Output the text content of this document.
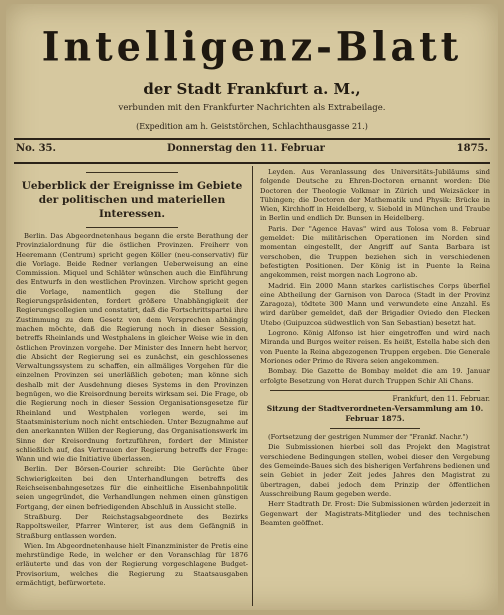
Intelligenz-Blatt
der Stadt Frankfurt a. M.,
verbunden mit den Frankfurter Nachrichten als Extrabeilage.
(Expedition am h. Geiststörchen, Schlachthausgasse 21.)
No. 35.	Donnerstag den 11. Februar	1875.
Ueberblick der Ereignisse im Gebiete der politischen und materiellen Interessen.

Berlin. Das Abgeordnetenhaus begann die erste Berathung der Provinzialordnung für die östlichen Provinzen. Freiherr von Heeremann (Centrum) spricht gegen Köller (neu-conservativ) für die Vorlage. Beide Redner verlangen Ueberweisung an eine Commission. Miquel und Schläter wünschen auch die Einführung des Entwurfs in den westlichen Provinzen. Virchow spricht gegen die Vorlage, namentlich gegen die Stellung der Regierungspräsidenten, fordert größere Unabhängigkeit der Regierungscollegien und constatirt, daß die Fortschrittspartei ihre Zustimmung zu dem Gesetz von dem Versprechen abhängig machen möchte, daß die Regierung noch in dieser Session, betreffs Rheinlands und Westphalens in gleicher Weise wie in den östlichen Provinzen vorgehe. Der Minister des Innern hebt hervor, die Absicht der Regierung sei es zunächst, ein geschlossenes Verwaltungssystem zu schaffen, ein allmäliges Vorgehen für die einzelnen Provinzen sei unerläßlich geboten; man könne sich deshalb mit der Ausdehnung dieses Systems in den Provinzen begnügen, wo die Kreisordnung bereits wirksam sei. Die Frage, ob die Regierung noch in dieser Session Organisationsgesetze für Rheinland und Westphalen vorlegen werde, sei im Staatsministerium noch nicht entschieden. Unter Bezugnahme auf den anerkannten Willen der Regierung, das Organisationswerk im Sinne der Kreisordnung fortzuführen, fordert der Minister schließlich auf, das Vertrauen der Regierung betreffs der Frage: Wann und wie die Initiative überlassen.

Berlin. Der Börsen-Courier schreibt: Die Gerüchte über Schwierigkeiten bei den Unterhandlungen betreffs des Reichseisenbahngesetzes für die einheitliche Eisenbahnpolitik seien ungegründet, die Verhandlungen nehmen einen günstigen Fortgang, der einen befriedigenden Abschluß in Aussicht stelle.

Straßburg. Der Reichstagsabgeordnete des Bezirks Rappoltsweiler, Pfarrer Winterer, ist aus dem Gefängniß in Straßburg entlassen worden.

Wien. Im Abgeordnetenhause hielt Finanzminister de Pretis eine mehrstündige Rede, in welcher er den Voranschlag für 1876 erläuterte und das von der Regierung vorgeschlagene Budget-Provisorium, welches die Regierung zu Staatsausgaben ermächtigt, befürwortete.

Leyden. Aus Veranlassung des Universitäts-Jubiläums sind folgende Deutsche zu Ehren-Doctoren ernannt worden: Die Doctoren der Theologie Volkmar in Zürich und Weizsäcker in Tübingen; die Doctoren der Mathematik und Physik: Brücke in Wien, Kirchhoff in Heidelberg, v. Siebold in München und Traube in Berlin und endlich Dr. Bunsen in Heidelberg.

Paris. Der "Agence Havas" wird aus Tolosa vom 8. Februar gemeldet: Die militärischen Operationen im Norden sind momentan eingestellt, der Angriff auf Santa Barbara ist verschoben, die Truppen beziehen sich in verschiedenen befestigten Positionen. Der König ist in Puente la Reina angekommen, reist morgen nach Logrono ab.

Madrid. Ein 2000 Mann starkes carlistisches Corps überfiel eine Abtheilung der Garnison von Daroca (Stadt in der Provinz Zaragoza), tödtete 300 Mann und verwundete eine Anzahl. Es wird darüber gemeldet, daß der Brigadier Oviedo den Flecken Utebo (Guipuzcoa südwestlich von San Sebastian) besetzt hat.

Logrono. König Alfonso ist hier eingetroffen und wird nach Miranda und Burgos weiter reisen. Es heißt, Estella habe sich den von Puente la Reina abgezogenen Truppen ergeben. Die Generale Moriones oder Primo de Rivera seien angekommen.

Bombay. Die Gazette de Bombay meldet die am 19. Januar erfolgte Besetzung von Herat durch Truppen Schir Ali Chans.

Frankfurt, den 11. Februar.
Sitzung der Stadtverordneten-Versammlung am 10. Februar 1875.

(Fortsetzung der gestrigen Nummer der "Frankf. Nachr.")

Die Submissionen hierbei soll das Projekt den Magistrat verschiedene Bedingungen stellen, wobei dieser den Vergebung des Gemeinde-Baues sich des bisherigen Verfahrens bedienen und sein Gebiet in jeder Zeit jedes Jahres den Magistrat zu übertragen, dabei jedoch dem Prinzip der öffentlichen Ausschreibung Raum gegeben werde.

Herr Stadtrath Dr. Frost: Die Submissionen würden jederzeit in Gegenwart der Magistrats-Mitglieder und des technischen Beamten geöffnet.
